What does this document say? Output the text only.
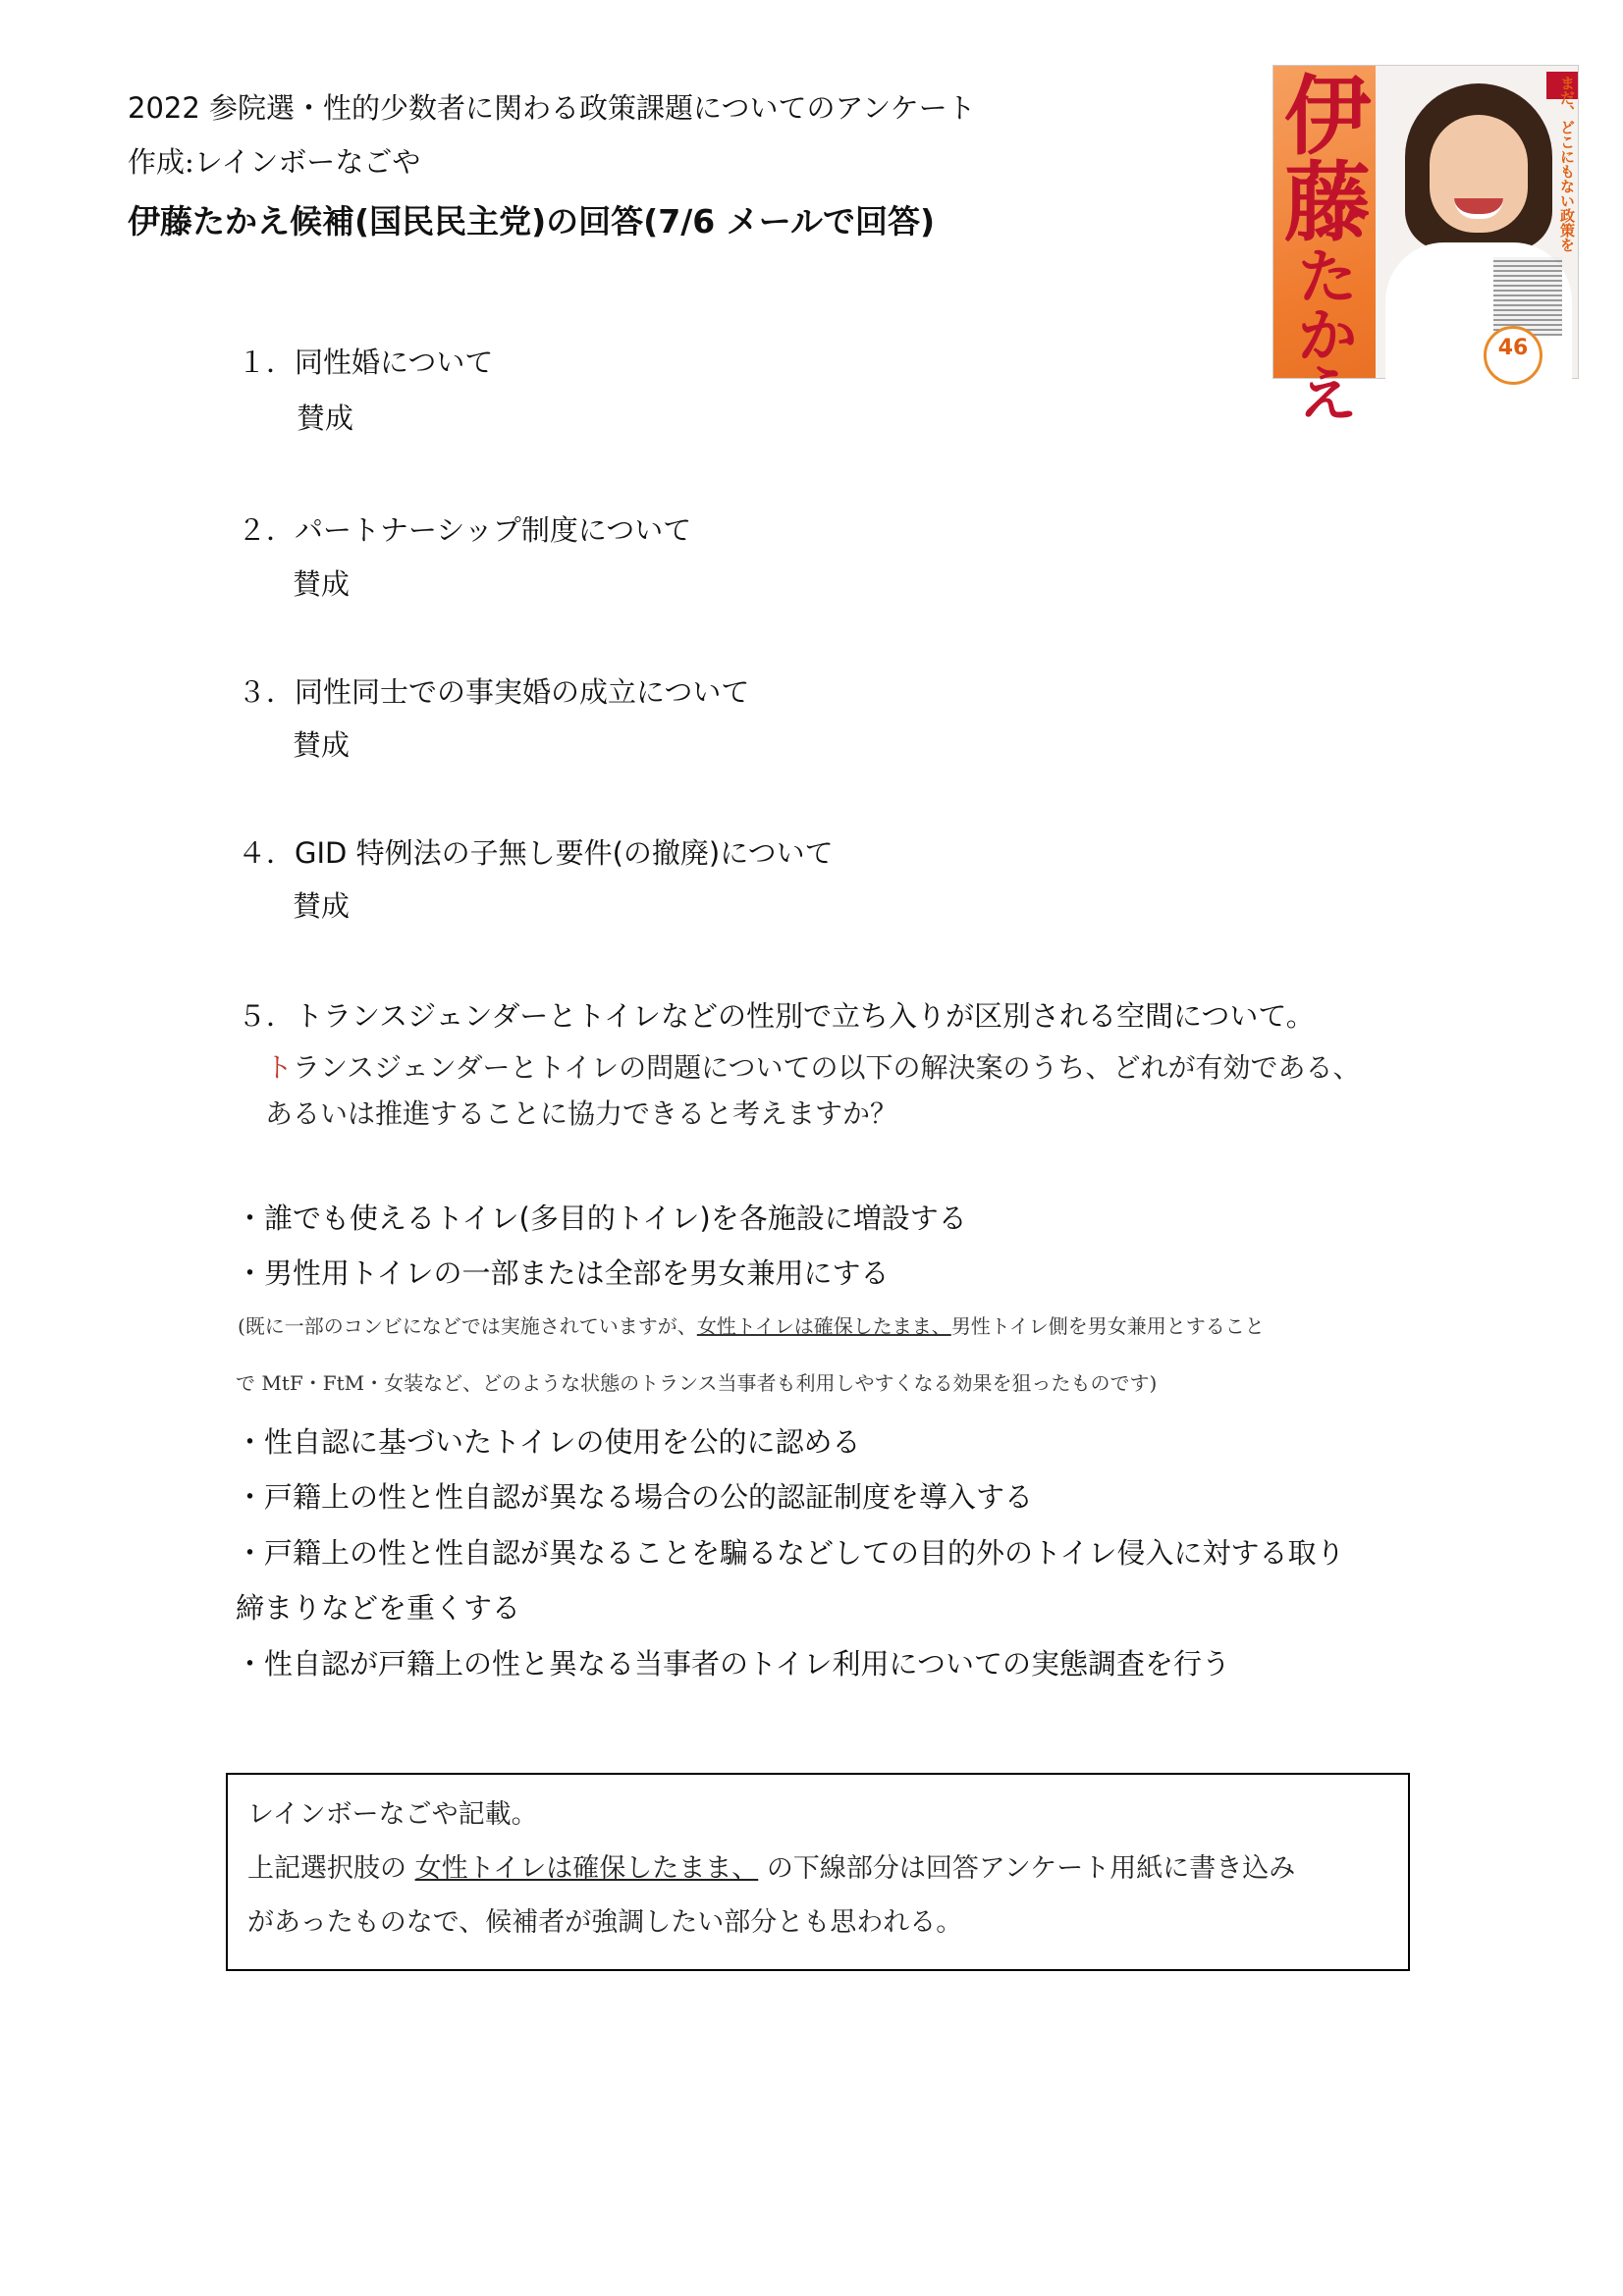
2022 参院選・性的少数者に関わる政策課題についてのアンケート
作成:レインボーなごや
伊藤たかえ候補(国民民主党)の回答(7/6 メールで回答)
伊藤
たかえ
まだ、どこにもない政策を
46
１．同性婚について
賛成
２．パートナーシップ制度について
賛成
３．同性同士での事実婚の成立について
賛成
４．GID 特例法の子無し要件(の撤廃)について
賛成
５．トランスジェンダーとトイレなどの性別で立ち入りが区別される空間について。
トランスジェンダーとトイレの問題についての以下の解決案のうち、どれが有効である、
あるいは推進することに協力できると考えますか？
・誰でも使えるトイレ(多目的トイレ)を各施設に増設する
・男性用トイレの一部または全部を男女兼用にする
(既に一部のコンビになどでは実施されていますが、女性トイレは確保したまま、男性トイレ側を男女兼用とすること
で MtF・FtM・女装など、どのような状態のトランス当事者も利用しやすくなる効果を狙ったものです)
・性自認に基づいたトイレの使用を公的に認める
・戸籍上の性と性自認が異なる場合の公的認証制度を導入する
・戸籍上の性と性自認が異なることを騙るなどしての目的外のトイレ侵入に対する取り
締まりなどを重くする
・性自認が戸籍上の性と異なる当事者のトイレ利用についての実態調査を行う
レインボーなごや記載。
上記選択肢の 女性トイレは確保したまま、 の下線部分は回答アンケート用紙に書き込み
があったものなで、候補者が強調したい部分とも思われる。
